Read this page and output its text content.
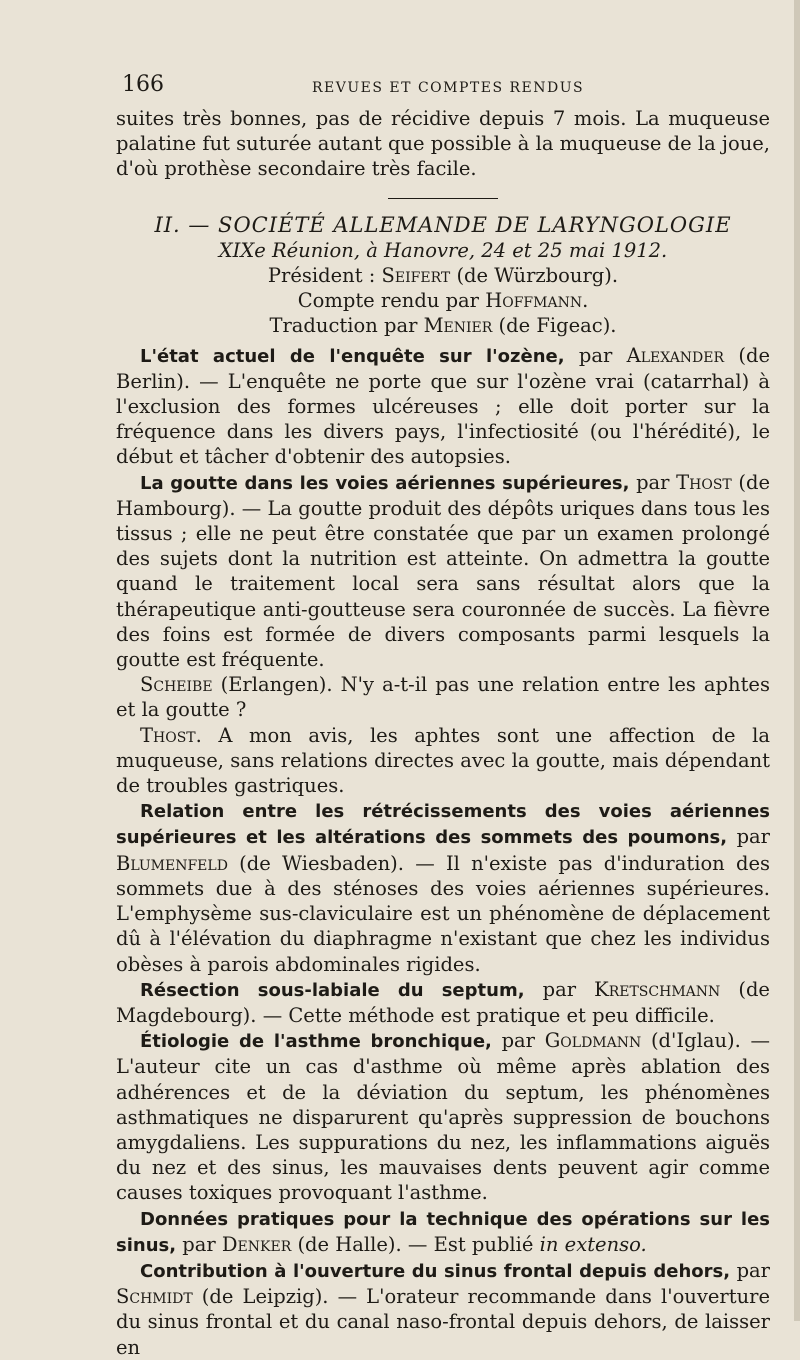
166	REVUES ET COMPTES RENDUS

suites très bonnes, pas de récidive depuis 7 mois. La muqueuse palatine fut suturée autant que possible à la muqueuse de la joue, d'où prothèse secondaire très facile.

II. — SOCIÉTÉ ALLEMANDE DE LARYNGOLOGIE
XIXe Réunion, à Hanovre, 24 et 25 mai 1912.
Président : Seifert (de Würzbourg).
Compte rendu par Hoffmann.
Traduction par Menier (de Figeac).

L'état actuel de l'enquête sur l'ozène, par Alexander (de Berlin). — L'enquête ne porte que sur l'ozène vrai (catarrhal) à l'exclusion des formes ulcéreuses ; elle doit porter sur la fréquence dans les divers pays, l'infectiosité (ou l'hérédité), le début et tâcher d'obtenir des autopsies.

La goutte dans les voies aériennes supérieures, par Thost (de Hambourg). — La goutte produit des dépôts uriques dans tous les tissus ; elle ne peut être constatée que par un examen prolongé des sujets dont la nutrition est atteinte. On admettra la goutte quand le traitement local sera sans résultat alors que la thérapeutique anti-goutteuse sera couronnée de succès. La fièvre des foins est formée de divers composants parmi lesquels la goutte est fréquente.

Scheibe (Erlangen). N'y a-t-il pas une relation entre les aphtes et la goutte ?

Thost. A mon avis, les aphtes sont une affection de la muqueuse, sans relations directes avec la goutte, mais dépendant de troubles gastriques.

Relation entre les rétrécissements des voies aériennes supérieures et les altérations des sommets des poumons, par Blumenfeld (de Wiesbaden). — Il n'existe pas d'induration des sommets due à des sténoses des voies aériennes supérieures. L'emphysème sus-claviculaire est un phénomène de déplacement dû à l'élévation du diaphragme n'existant que chez les individus obèses à parois abdominales rigides.

Résection sous-labiale du septum, par Kretschmann (de Magdebourg). — Cette méthode est pratique et peu difficile.

Étiologie de l'asthme bronchique, par Goldmann (d'Iglau). — L'auteur cite un cas d'asthme où même après ablation des adhérences et de la déviation du septum, les phénomènes asthmatiques ne disparurent qu'après suppression de bouchons amygdaliens. Les suppurations du nez, les inflammations aiguës du nez et des sinus, les mauvaises dents peuvent agir comme causes toxiques provoquant l'asthme.

Données pratiques pour la technique des opérations sur les sinus, par Denker (de Halle). — Est publié in extenso.

Contribution à l'ouverture du sinus frontal depuis dehors, par Schmidt (de Leipzig). — L'orateur recommande dans l'ouverture du sinus frontal et du canal naso-frontal depuis dehors, de laisser en
